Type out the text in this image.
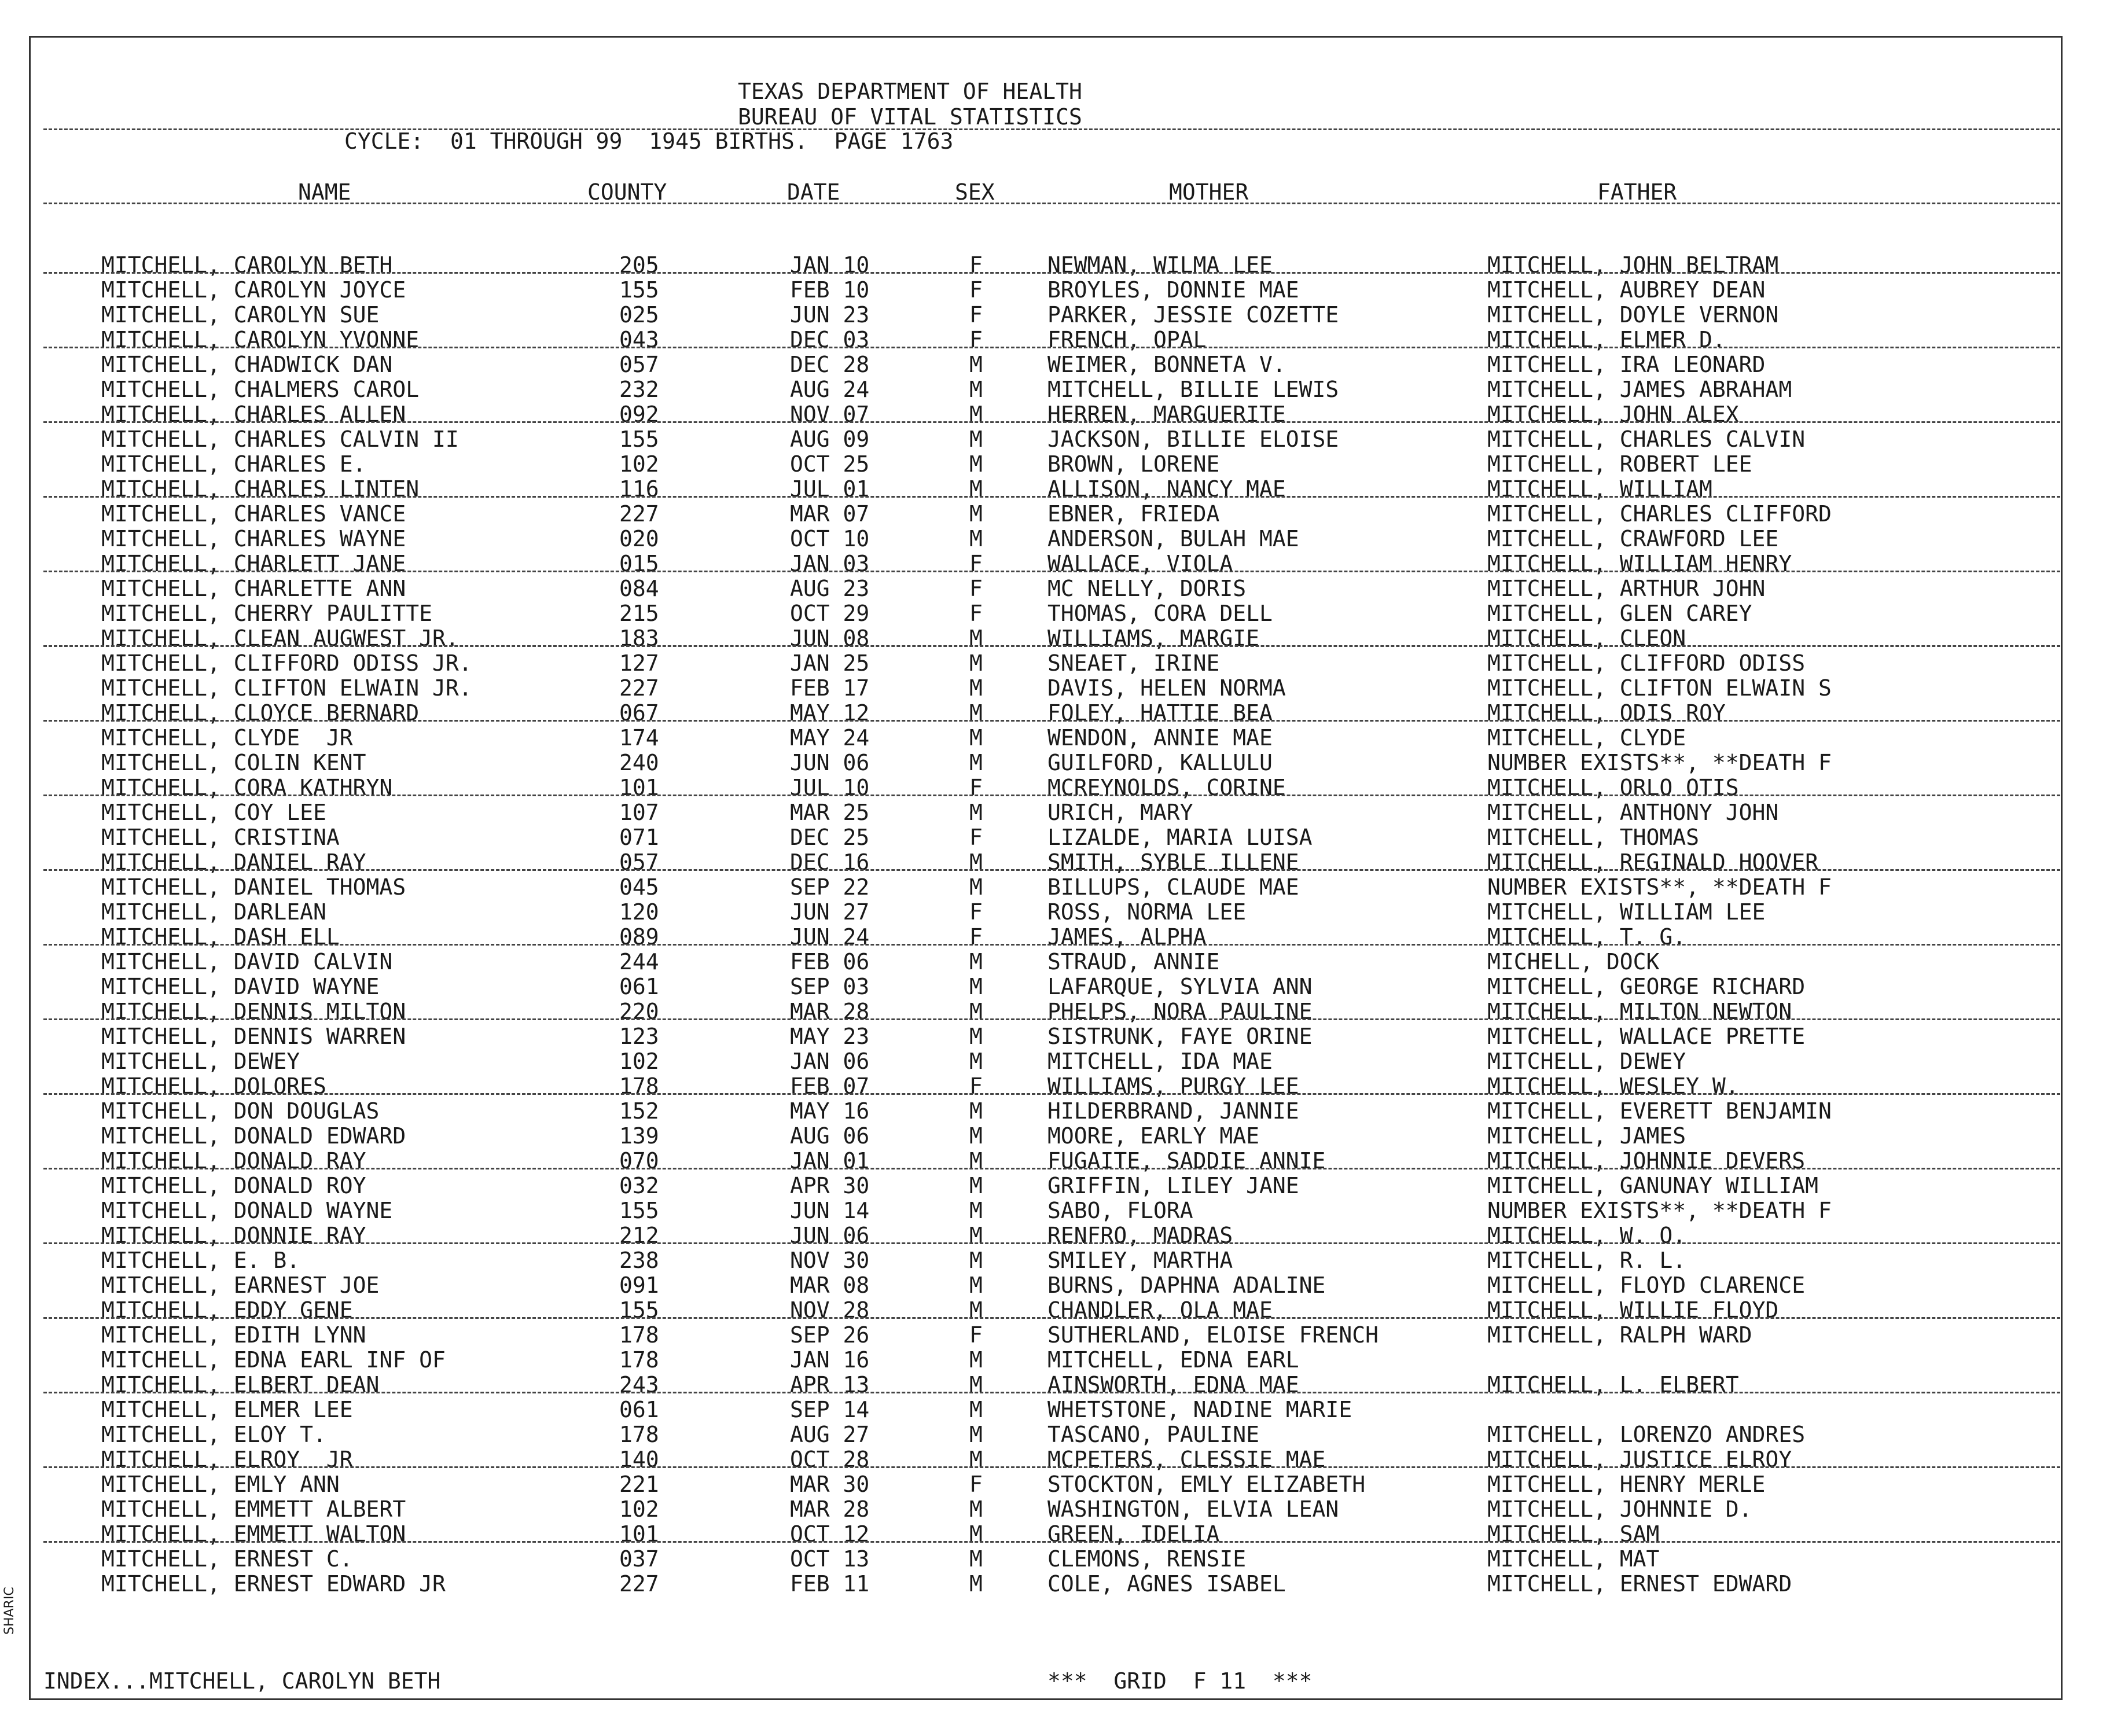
TEXAS DEPARTMENT OF HEALTH
BUREAU OF VITAL STATISTICS
CYCLE:  01 THROUGH 99  1945 BIRTHS.  PAGE 1763
NAME	COUNTY	DATE	SEX	MOTHER	FATHER
MITCHELL, CAROLYN BETH	205	JAN 10	F	NEWMAN, WILMA LEE	MITCHELL, JOHN BELTRAM
MITCHELL, CAROLYN JOYCE	155	FEB 10	F	BROYLES, DONNIE MAE	MITCHELL, AUBREY DEAN
MITCHELL, CAROLYN SUE	025	JUN 23	F	PARKER, JESSIE COZETTE	MITCHELL, DOYLE VERNON
MITCHELL, CAROLYN YVONNE	043	DEC 03	F	FRENCH, OPAL	MITCHELL, ELMER D.
MITCHELL, CHADWICK DAN	057	DEC 28	M	WEIMER, BONNETA V.	MITCHELL, IRA LEONARD
MITCHELL, CHALMERS CAROL	232	AUG 24	M	MITCHELL, BILLIE LEWIS	MITCHELL, JAMES ABRAHAM
MITCHELL, CHARLES ALLEN	092	NOV 07	M	HERREN, MARGUERITE	MITCHELL, JOHN ALEX
MITCHELL, CHARLES CALVIN II	155	AUG 09	M	JACKSON, BILLIE ELOISE	MITCHELL, CHARLES CALVIN
MITCHELL, CHARLES E.	102	OCT 25	M	BROWN, LORENE	MITCHELL, ROBERT LEE
MITCHELL, CHARLES LINTEN	116	JUL 01	M	ALLISON, NANCY MAE	MITCHELL, WILLIAM
MITCHELL, CHARLES VANCE	227	MAR 07	M	EBNER, FRIEDA	MITCHELL, CHARLES CLIFFORD
MITCHELL, CHARLES WAYNE	020	OCT 10	M	ANDERSON, BULAH MAE	MITCHELL, CRAWFORD LEE
MITCHELL, CHARLETT JANE	015	JAN 03	F	WALLACE, VIOLA	MITCHELL, WILLIAM HENRY
MITCHELL, CHARLETTE ANN	084	AUG 23	F	MC NELLY, DORIS	MITCHELL, ARTHUR JOHN
MITCHELL, CHERRY PAULITTE	215	OCT 29	F	THOMAS, CORA DELL	MITCHELL, GLEN CAREY
MITCHELL, CLEAN AUGWEST JR.	183	JUN 08	M	WILLIAMS, MARGIE	MITCHELL, CLEON
MITCHELL, CLIFFORD ODISS JR.	127	JAN 25	M	SNEAET, IRINE	MITCHELL, CLIFFORD ODISS
MITCHELL, CLIFTON ELWAIN JR.	227	FEB 17	M	DAVIS, HELEN NORMA	MITCHELL, CLIFTON ELWAIN S
MITCHELL, CLOYCE BERNARD	067	MAY 12	M	FOLEY, HATTIE BEA	MITCHELL, ODIS ROY
MITCHELL, CLYDE  JR	174	MAY 24	M	WENDON, ANNIE MAE	MITCHELL, CLYDE
MITCHELL, COLIN KENT	240	JUN 06	M	GUILFORD, KALLULU	NUMBER EXISTS**, **DEATH F
MITCHELL, CORA KATHRYN	101	JUL 10	F	MCREYNOLDS, CORINE	MITCHELL, ORLO OTIS
MITCHELL, COY LEE	107	MAR 25	M	URICH, MARY	MITCHELL, ANTHONY JOHN
MITCHELL, CRISTINA	071	DEC 25	F	LIZALDE, MARIA LUISA	MITCHELL, THOMAS
MITCHELL, DANIEL RAY	057	DEC 16	M	SMITH, SYBLE ILLENE	MITCHELL, REGINALD HOOVER
MITCHELL, DANIEL THOMAS	045	SEP 22	M	BILLUPS, CLAUDE MAE	NUMBER EXISTS**, **DEATH F
MITCHELL, DARLEAN	120	JUN 27	F	ROSS, NORMA LEE	MITCHELL, WILLIAM LEE
MITCHELL, DASH ELL	089	JUN 24	F	JAMES, ALPHA	MITCHELL, T. G.
MITCHELL, DAVID CALVIN	244	FEB 06	M	STRAUD, ANNIE	MICHELL, DOCK
MITCHELL, DAVID WAYNE	061	SEP 03	M	LAFARQUE, SYLVIA ANN	MITCHELL, GEORGE RICHARD
MITCHELL, DENNIS MILTON	220	MAR 28	M	PHELPS, NORA PAULINE	MITCHELL, MILTON NEWTON
MITCHELL, DENNIS WARREN	123	MAY 23	M	SISTRUNK, FAYE ORINE	MITCHELL, WALLACE PRETTE
MITCHELL, DEWEY	102	JAN 06	M	MITCHELL, IDA MAE	MITCHELL, DEWEY
MITCHELL, DOLORES	178	FEB 07	F	WILLIAMS, PURGY LEE	MITCHELL, WESLEY W.
MITCHELL, DON DOUGLAS	152	MAY 16	M	HILDERBRAND, JANNIE	MITCHELL, EVERETT BENJAMIN
MITCHELL, DONALD EDWARD	139	AUG 06	M	MOORE, EARLY MAE	MITCHELL, JAMES
MITCHELL, DONALD RAY	070	JAN 01	M	FUGAITE, SADDIE ANNIE	MITCHELL, JOHNNIE DEVERS
MITCHELL, DONALD ROY	032	APR 30	M	GRIFFIN, LILEY JANE	MITCHELL, GANUNAY WILLIAM
MITCHELL, DONALD WAYNE	155	JUN 14	M	SABO, FLORA	NUMBER EXISTS**, **DEATH F
MITCHELL, DONNIE RAY	212	JUN 06	M	RENFRO, MADRAS	MITCHELL, W. O.
MITCHELL, E. B.	238	NOV 30	M	SMILEY, MARTHA	MITCHELL, R. L.
MITCHELL, EARNEST JOE	091	MAR 08	M	BURNS, DAPHNA ADALINE	MITCHELL, FLOYD CLARENCE
MITCHELL, EDDY GENE	155	NOV 28	M	CHANDLER, OLA MAE	MITCHELL, WILLIE FLOYD
MITCHELL, EDITH LYNN	178	SEP 26	F	SUTHERLAND, ELOISE FRENCH	MITCHELL, RALPH WARD
MITCHELL, EDNA EARL INF OF	178	JAN 16	M	MITCHELL, EDNA EARL
MITCHELL, ELBERT DEAN	243	APR 13	M	AINSWORTH, EDNA MAE	MITCHELL, L. ELBERT
MITCHELL, ELMER LEE	061	SEP 14	M	WHETSTONE, NADINE MARIE
MITCHELL, ELOY T.	178	AUG 27	M	TASCANO, PAULINE	MITCHELL, LORENZO ANDRES
MITCHELL, ELROY  JR	140	OCT 28	M	MCPETERS, CLESSIE MAE	MITCHELL, JUSTICE ELROY
MITCHELL, EMLY ANN	221	MAR 30	F	STOCKTON, EMLY ELIZABETH	MITCHELL, HENRY MERLE
MITCHELL, EMMETT ALBERT	102	MAR 28	M	WASHINGTON, ELVIA LEAN	MITCHELL, JOHNNIE D.
MITCHELL, EMMETT WALTON	101	OCT 12	M	GREEN, IDELIA	MITCHELL, SAM
MITCHELL, ERNEST C.	037	OCT 13	M	CLEMONS, RENSIE	MITCHELL, MAT
MITCHELL, ERNEST EDWARD JR	227	FEB 11	M	COLE, AGNES ISABEL	MITCHELL, ERNEST EDWARD
INDEX...MITCHELL, CAROLYN BETH	***  GRID  F 11  ***
SHARIC
